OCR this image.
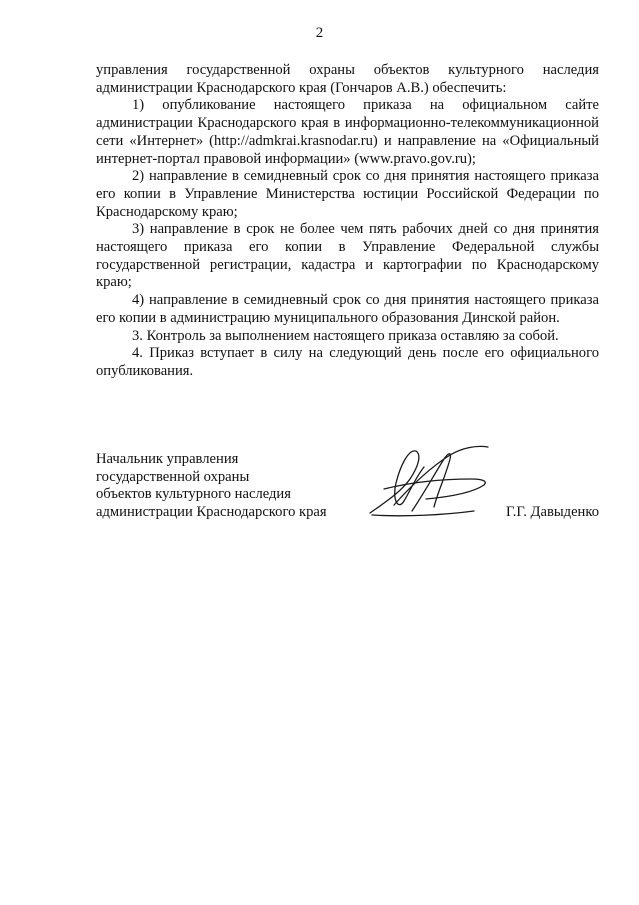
2

управления государственной охраны объектов культурного наследия администрации Краснодарского края (Гончаров А.В.) обеспечить:

1) опубликование настоящего приказа на официальном сайте администрации Краснодарского края в информационно-телекоммуникационной сети «Интернет» (http://admkrai.krasnodar.ru) и направление на «Официальный интернет-портал правовой информации» (www.pravo.gov.ru);

2) направление в семидневный срок со дня принятия настоящего приказа его копии в Управление Министерства юстиции Российской Федерации по Краснодарскому краю;

3) направление в срок не более чем пять рабочих дней со дня принятия настоящего приказа его копии в Управление Федеральной службы государственной регистрации, кадастра и картографии по Краснодарскому краю;

4) направление в семидневный срок со дня принятия настоящего приказа его копии в администрацию муниципального образования Динской район.

3. Контроль за выполнением настоящего приказа оставляю за собой.

4. Приказ вступает в силу на следующий день после его официального опубликования.

Начальник управления
государственной охраны
объектов культурного наследия
администрации Краснодарского края	Г.Г. Давыденко
